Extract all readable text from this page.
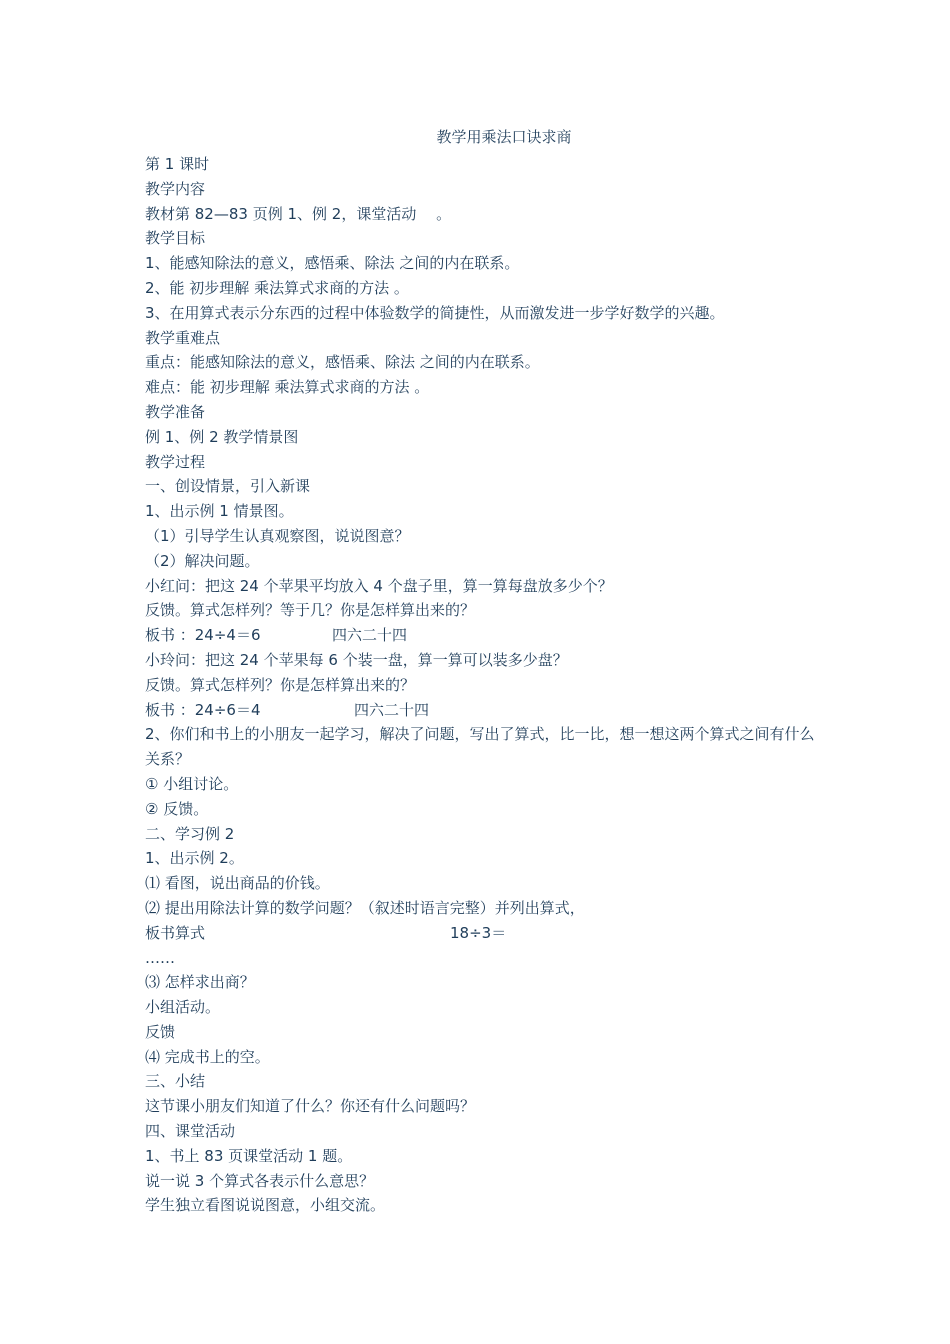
教学用乘法口诀求商
第 1 课时
教学内容
教材第 82—83 页例 1、例 2，课堂活动　 。
教学目标
1、能感知除法的意义，感悟乘、除法 之间的内在联系。
2、能 初步理解 乘法算式求商的方法 。
3、在用算式表示分东西的过程中体验数学的简捷性，从而激发进一步学好数学的兴趣。
教学重难点
重点：能感知除法的意义，感悟乘、除法 之间的内在联系。
难点：能 初步理解 乘法算式求商的方法 。
教学准备
例 1、例 2 教学情景图
教学过程
一、创设情景，引入新课
1、出示例 1 情景图。
（1）引导学生认真观察图，说说图意？
（2）解决问题。
小红问：把这 24 个苹果平均放入 4 个盘子里，算一算每盘放多少个？
反馈。算式怎样列？等于几？你是怎样算出来的？
板书 ：24÷4＝6	四六二十四
小玲问：把这 24 个苹果每 6 个装一盘，算一算可以装多少盘？
反馈。算式怎样列？你是怎样算出来的？
板书 ：24÷6＝4	四六二十四
2、你们和书上的小朋友一起学习，解决了问题，写出了算式，比一比，想一想这两个算式之间有什么关系？
① 小组讨论。
② 反馈。
二、学习例 2
1、出示例 2。
⑴ 看图，说出商品的价钱。
⑵ 提出用除法计算的数学问题？（叙述时语言完整）并列出算式，
板书算式	18÷3＝
……
⑶ 怎样求出商？
小组活动。
反馈
⑷ 完成书上的空。
三、小结
这节课小朋友们知道了什么？你还有什么问题吗？
四、课堂活动
1、书上 83 页课堂活动 1 题。
说一说 3 个算式各表示什么意思？
学生独立看图说说图意，小组交流。
